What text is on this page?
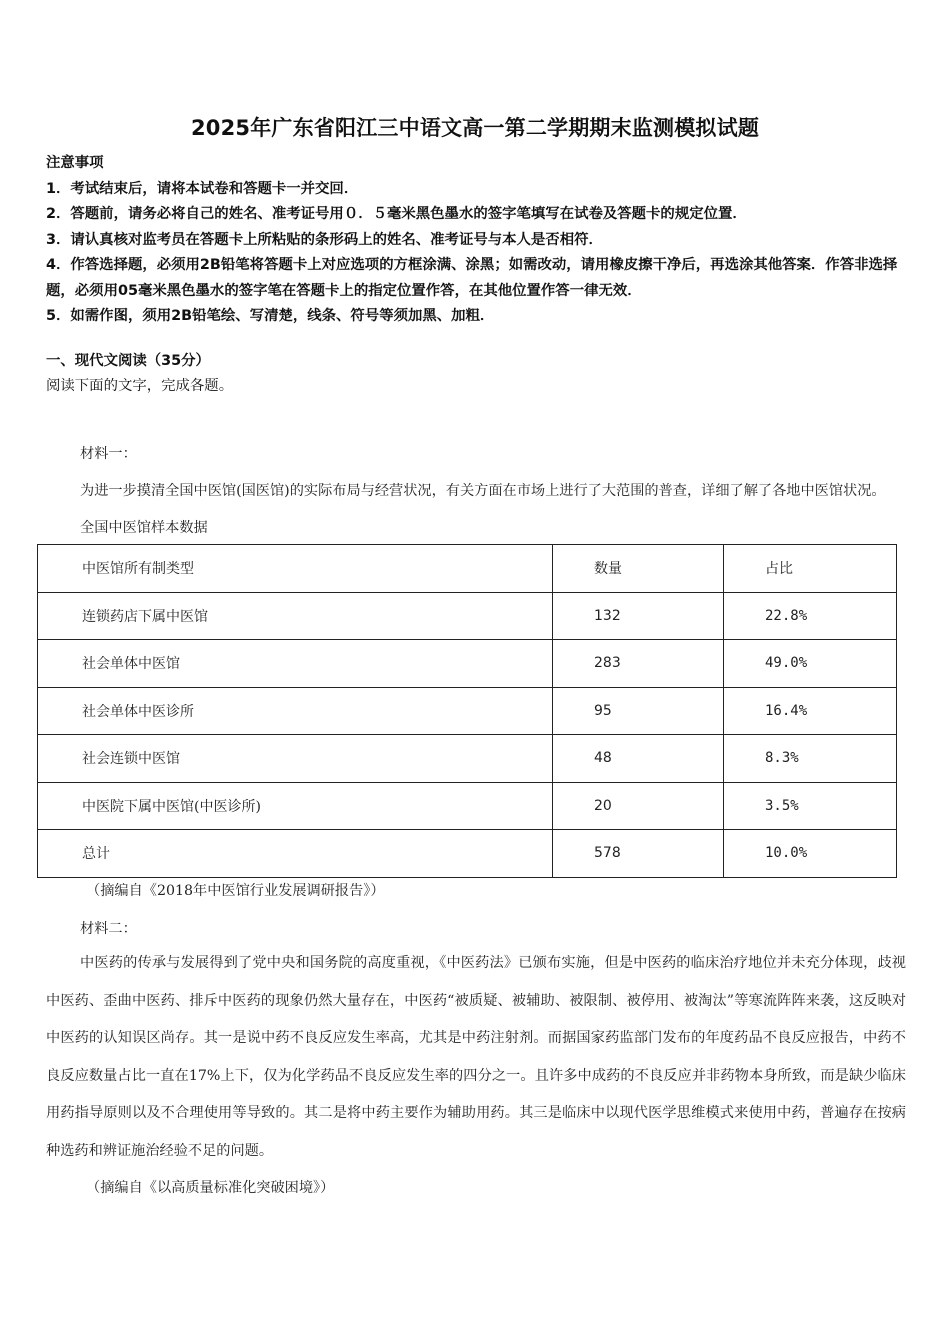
2025年广东省阳江三中语文高一第二学期期末监测模拟试题
注意事项
1．考试结束后，请将本试卷和答题卡一并交回．
2．答题前，请务必将自己的姓名、准考证号用０．５毫米黑色墨水的签字笔填写在试卷及答题卡的规定位置．
3．请认真核对监考员在答题卡上所粘贴的条形码上的姓名、准考证号与本人是否相符．
4．作答选择题，必须用2B铅笔将答题卡上对应选项的方框涂满、涂黑；如需改动，请用橡皮擦干净后，再选涂其他答案．作答非选择题，必须用05毫米黑色墨水的签字笔在答题卡上的指定位置作答，在其他位置作答一律无效．
5．如需作图，须用2B铅笔绘、写清楚，线条、符号等须加黑、加粗．
一、现代文阅读（35分）
阅读下面的文字，完成各题。
材料一：
为进一步摸清全国中医馆(国医馆)的实际布局与经营状况，有关方面在市场上进行了大范围的普查，详细了解了各地中医馆状况。
全国中医馆样本数据
中医馆所有制类型	数量	占比
连锁药店下属中医馆	132	22.8%
社会单体中医馆	283	49.0%
社会单体中医诊所	95	16.4%
社会连锁中医馆	48	8.3%
中医院下属中医馆(中医诊所)	20	3.5%
总计	578	10.0%
（摘编自《2018年中医馆行业发展调研报告》）
材料二：
中医药的传承与发展得到了党中央和国务院的高度重视，《中医药法》已颁布实施，但是中医药的临床治疗地位并未充分体现，歧视中医药、歪曲中医药、排斥中医药的现象仍然大量存在，中医药“被质疑、被辅助、被限制、被停用、被淘汰”等寒流阵阵来袭，这反映对中医药的认知误区尚存。其一是说中药不良反应发生率高，尤其是中药注射剂。而据国家药监部门发布的年度药品不良反应报告，中药不良反应数量占比一直在17%上下，仅为化学药品不良反应发生率的四分之一。且许多中成药的不良反应并非药物本身所致，而是缺少临床用药指导原则以及不合理使用等导致的。其二是将中药主要作为辅助用药。其三是临床中以现代医学思维模式来使用中药，普遍存在按病种选药和辨证施治经验不足的问题。
（摘编自《以高质量标准化突破困境》）
